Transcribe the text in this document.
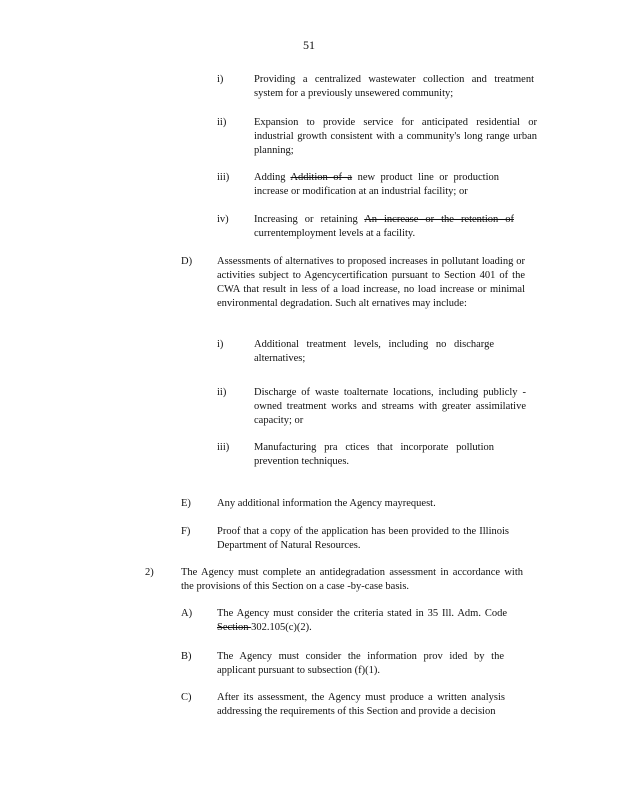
51
i)	Providing a centralized wastewater collection and treatment system for a previously unsewered community;
ii)	Expansion to provide service for anticipated residential or industrial growth consistent with a community's long range urban planning;
iii)	Adding Addition of a new product line or production increase or modification at an industrial facility; or
iv)	Increasing or retaining An increase or the retention of currentemployment levels at a facility.
D)	Assessments of alternatives to proposed increases in pollutant loading or activities subject to Agencycertification pursuant to Section 401 of the CWA that result in less of a load increase, no load increase or minimal environmental degradation. Such alt ernatives may include:
i)	Additional treatment levels, including no discharge alternatives;
ii)	Discharge of waste toalternate locations, including publicly -owned treatment works and streams with greater assimilative capacity; or
iii)	Manufacturing pra ctices that incorporate pollution prevention techniques.
E)	Any additional information the Agency mayrequest.
F)	Proof that a copy of the application has been provided to the Illinois Department of Natural Resources.
2)	The Agency must complete an antidegradation assessment in accordance with the provisions of this Section on a case -by-case basis.
A)	The Agency must consider the criteria stated in 35 Ill. Adm. Code Section 302.105(c)(2).
B)	The Agency must consider the information prov ided by the applicant pursuant to subsection (f)(1).
C)	After its assessment, the Agency must produce a written analysis addressing the requirements of this Section and provide a decision
